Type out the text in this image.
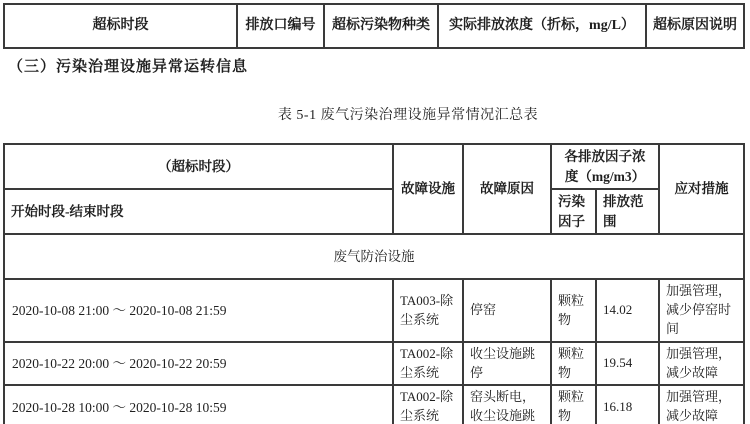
超标时段	排放口编号	超标污染物种类	实际排放浓度（折标，mg/L）	超标原因说明
（三）污染治理设施异常运转信息
表 5-1 废气污染治理设施异常情况汇总表
（超标时段）	故障设施	故障原因	各排放因子浓度（mg/m3）		应对措施
开始时段-结束时段			污染因子	排放范围	
废气防治设施					
2020-10-08 21:00 ～ 2020-10-08 21:59	TA003-除尘系统	停窑	颗粒物	14.02	加强管理，减少停窑时间
2020-10-22 20:00 ～ 2020-10-22 20:59	TA002-除尘系统	收尘设施跳停	颗粒物	19.54	加强管理，减少故障
2020-10-28 10:00 ～ 2020-10-28 10:59	TA002-除尘系统	窑头断电，收尘设施跳	颗粒物	16.18	加强管理，减少故障
